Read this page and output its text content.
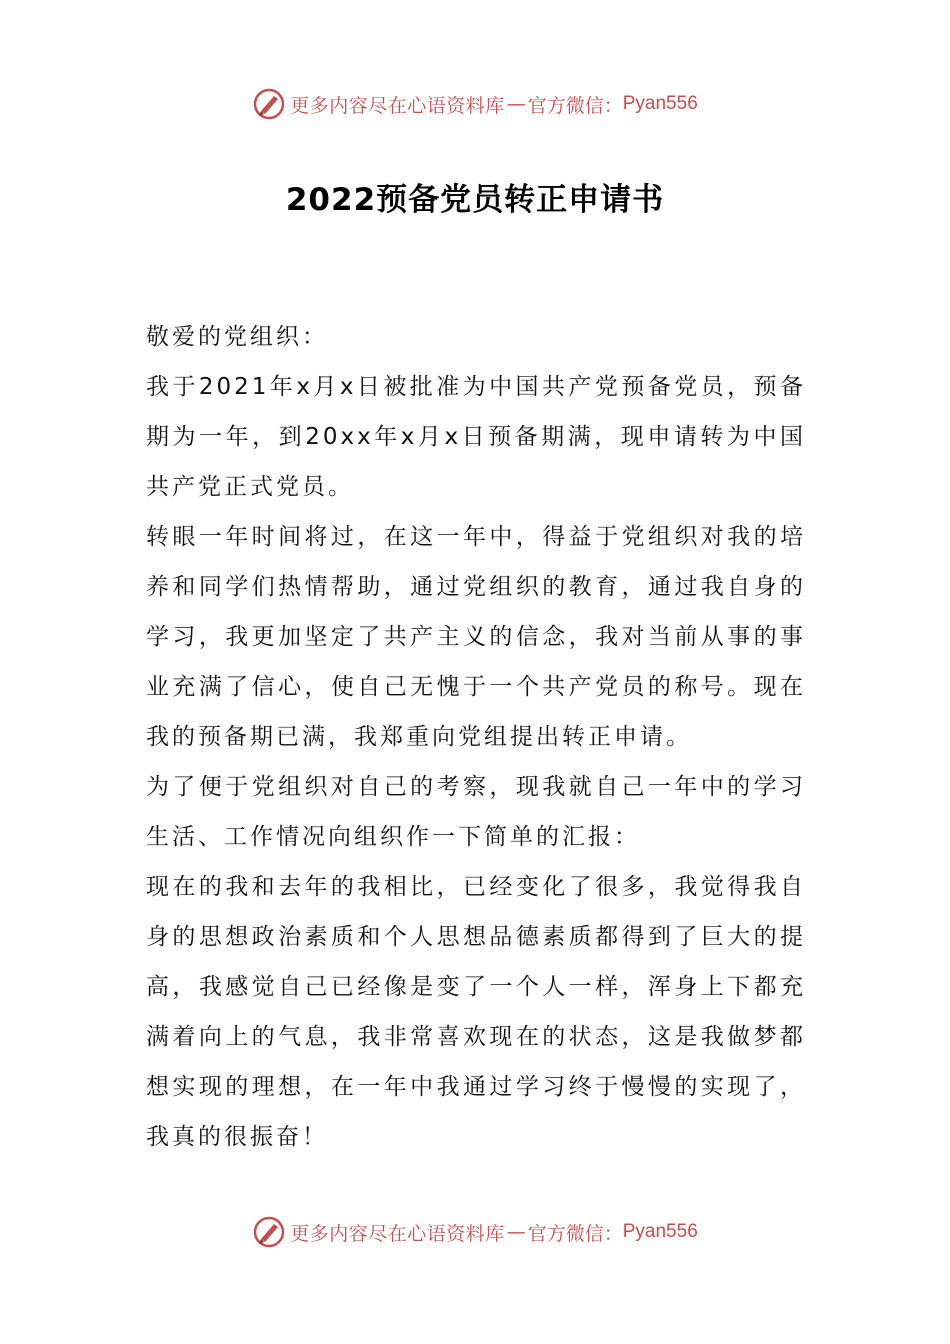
更多内容尽在心语资料库 — 官方微信： Pyan556
2022预备党员转正申请书

敬爱的党组织：

我于2021年x月x日被批准为中国共产党预备党员，预备期为一年，到20xx年x月x日预备期满，现申请转为中国共产党正式党员。

转眼一年时间将过，在这一年中，得益于党组织对我的培养和同学们热情帮助，通过党组织的教育，通过我自身的学习，我更加坚定了共产主义的信念，我对当前从事的事业充满了信心，使自己无愧于一个共产党员的称号。现在我的预备期已满，我郑重向党组提出转正申请。

为了便于党组织对自己的考察，现我就自己一年中的学习生活、工作情况向组织作一下简单的汇报：

现在的我和去年的我相比，已经变化了很多，我觉得我自身的思想政治素质和个人思想品德素质都得到了巨大的提高，我感觉自己已经像是变了一个人一样，浑身上下都充满着向上的气息，我非常喜欢现在的状态，这是我做梦都想实现的理想，在一年中我通过学习终于慢慢的实现了，我真的很振奋！

更多内容尽在心语资料库 — 官方微信： Pyan556
